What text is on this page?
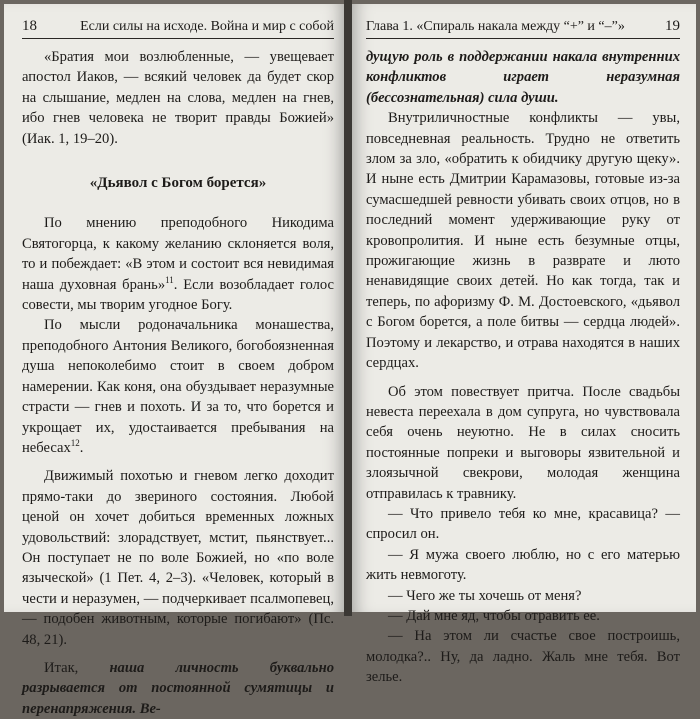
18	Если силы на исходе. Война и мир с собой

«Братия мои возлюбленные, — увещевает апостол Иаков, — всякий человек да будет скор на слышание, медлен на слова, медлен на гнев, ибо гнев человека не творит правды Божией» (Иак. 1, 19–20).

«Дьявол с Богом борется»

По мнению преподобного Никодима Святогорца, к какому желанию склоняется воля, то и побеждает: «В этом и состоит вся невидимая наша духовная брань»$^{11}$. Если возобладает голос совести, мы творим угодное Богу.

По мысли родоначальника монашества, преподобного Антония Великого, богобоязненная душа непоколебимо стоит в своем добром намерении. Как коня, она обуздывает неразумные страсти — гнев и похоть. И за то, что борется и укрощает их, удостаивается пребывания на небесах$^{12}$.

Движимый похотью и гневом легко доходит прямо-таки до звериного состояния. Любой ценой он хочет добиться временных ложных удовольствий: злорадствует, мстит, пьянствует... Он поступает не по воле Божией, но «по воле языческой» (1 Пет. 4, 2–3). «Человек, который в чести и неразумен, — подчеркивает псалмопевец, — подобен животным, которые погибают» (Пс. 48, 21).

Итак, наша личность буквально разрывается от постоянной сумятицы и перенапряжения. Ве-

Глава 1. «Спираль накала между “+” и “–”»	19

дущую роль в поддержании накала внутренних конфликтов играет неразумная (бессознательная) сила души.

Внутриличностные конфликты — увы, повседневная реальность. Трудно не ответить злом за зло, «обратить к обидчику другую щеку». И ныне есть Дмитрии Карамазовы, готовые из-за сумасшедшей ревности убивать своих отцов, но в последний момент удерживающие руку от кровопролития. И ныне есть безумные отцы, прожигающие жизнь в разврате и люто ненавидящие своих детей. Но как тогда, так и теперь, по афоризму Ф. М. Достоевского, «дьявол с Богом борется, а поле битвы — сердца людей». Поэтому и лекарство, и отрава находятся в наших сердцах.

Об этом повествует притча. После свадьбы невеста переехала в дом супруга, но чувствовала себя очень неуютно. Не в силах сносить постоянные попреки и выговоры язвительной и злоязычной свекрови, молодая женщина отправилась к травнику.

— Что привело тебя ко мне, красавица? — спросил он.

— Я мужа своего люблю, но с его матерью жить невмоготу.

— Чего же ты хочешь от меня?

— Дай мне яд, чтобы отравить ее.

— На этом ли счастье свое построишь, молодка?.. Ну, да ладно. Жаль мне тебя. Вот зелье.
